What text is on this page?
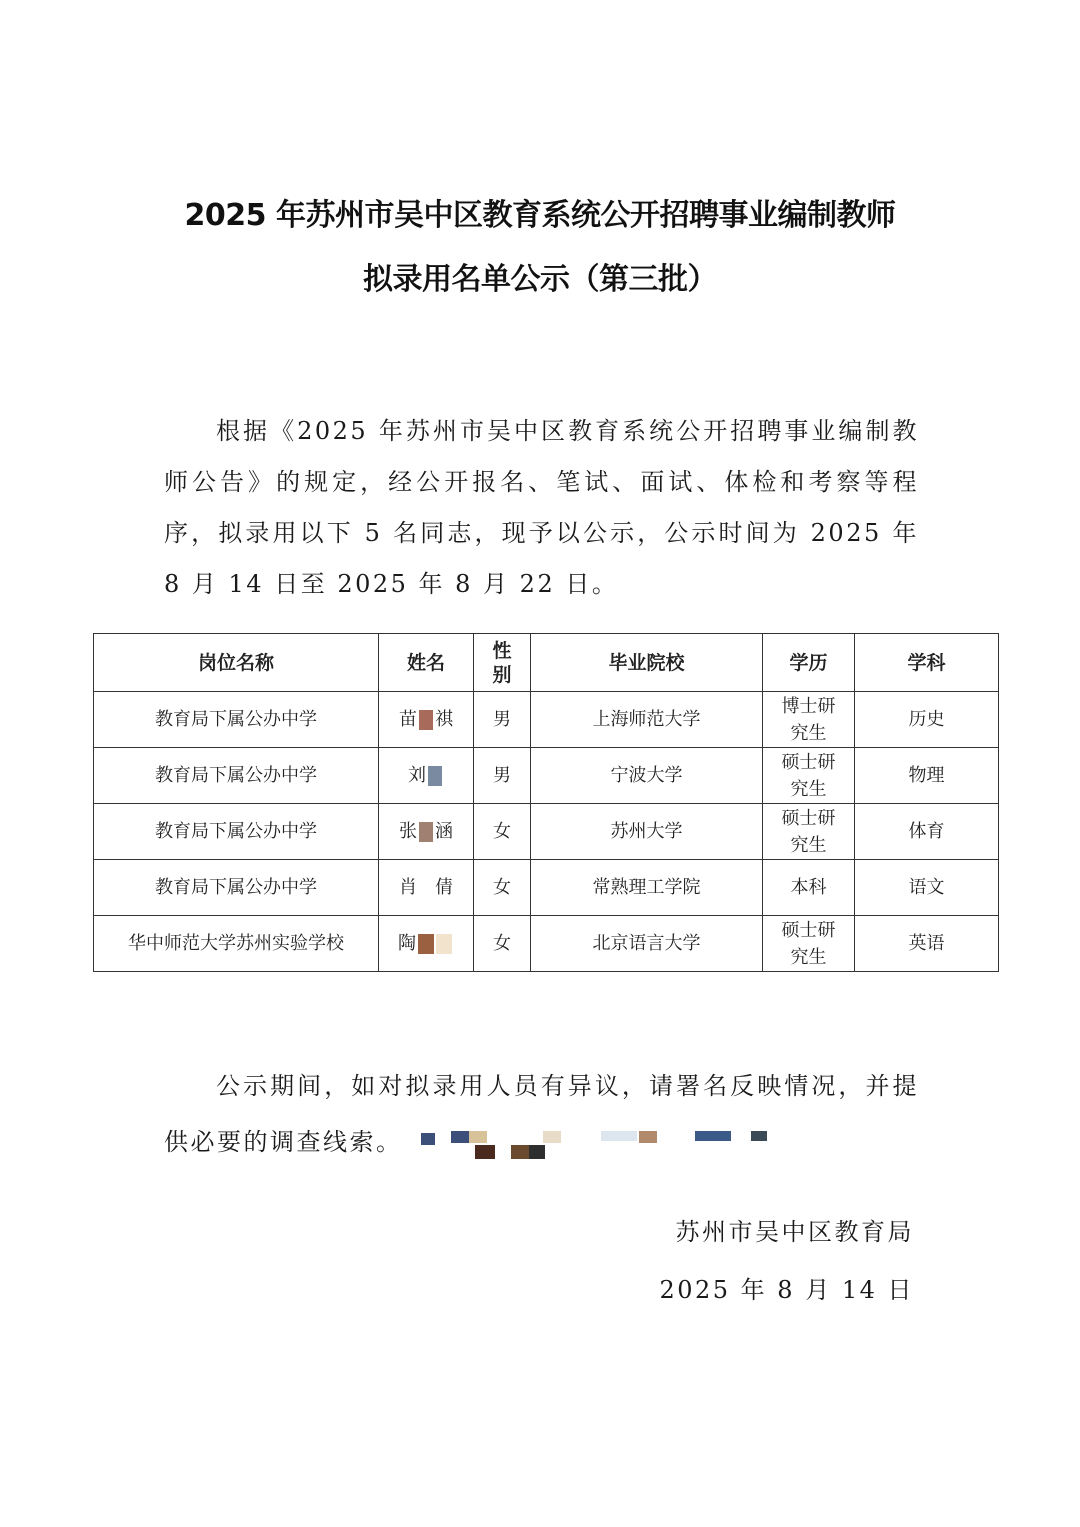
2025 年苏州市吴中区教育系统公开招聘事业编制教师
拟录用名单公示（第三批）

根据《2025 年苏州市吴中区教育系统公开招聘事业编制教师公告》的规定，经公开报名、笔试、面试、体检和考察等程序，拟录用以下 5 名同志，现予以公示，公示时间为 2025 年 8 月 14 日至 2025 年 8 月 22 日。

岗位名称	姓名	性别	毕业院校	学历	学科
教育局下属公办中学	苗 祺	男	上海师范大学	博士研究生	历史
教育局下属公办中学	刘	男	宁波大学	硕士研究生	物理
教育局下属公办中学	张 涵	女	苏州大学	硕士研究生	体育
教育局下属公办中学	肖 倩	女	常熟理工学院	本科	语文
华中师范大学苏州实验学校	陶	女	北京语言大学	硕士研究生	英语

公示期间，如对拟录用人员有异议，请署名反映情况，并提供必要的调查线索。

苏州市吴中区教育局
2025 年 8 月 14 日
